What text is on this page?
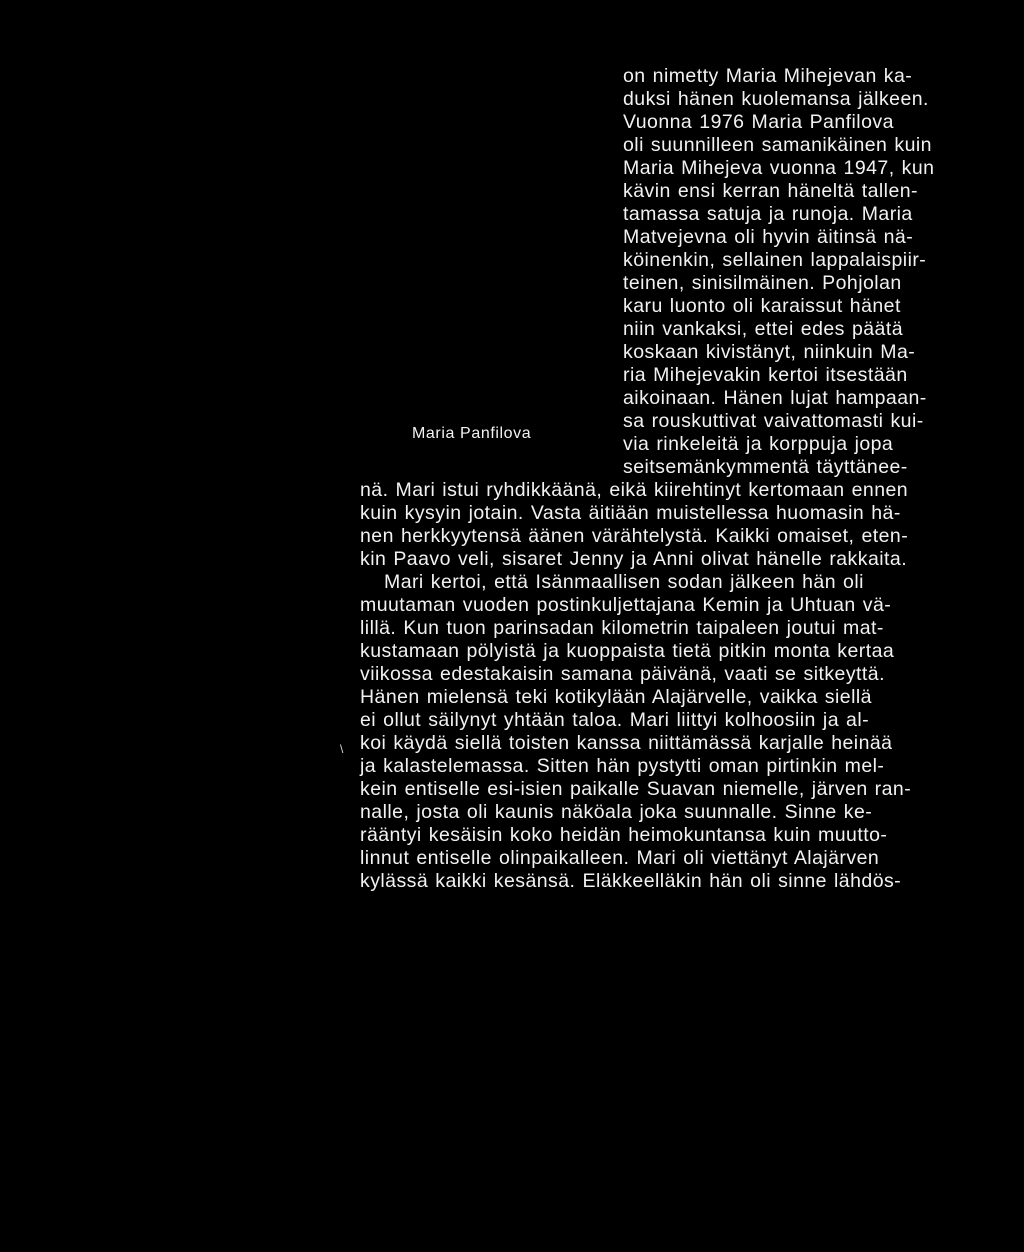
on nimetty Maria Mihejevan ka-
duksi hänen kuolemansa jälkeen.
Vuonna 1976 Maria Panfilova
oli suunnilleen samanikäinen kuin
Maria Mihejeva vuonna 1947, kun
kävin ensi kerran häneltä tallen-
tamassa satuja ja runoja. Maria
Matvejevna oli hyvin äitinsä nä-
köinenkin, sellainen lappalaispiir-
teinen, sinisilmäinen. Pohjolan
karu luonto oli karaissut hänet
niin vankaksi, ettei edes päätä
koskaan kivistänyt, niinkuin Ma-
ria Mihejevakin kertoi itsestään
aikoinaan. Hänen lujat hampaan-
sa rouskuttivat vaivattomasti kui-
via rinkeleitä ja korppuja jopa
seitsemänkymmentä täyttänee-
Maria Panfilova
nä. Mari istui ryhdikkäänä, eikä kiirehtinyt kertomaan ennen
kuin kysyin jotain. Vasta äitiään muistellessa huomasin hä-
nen herkkyytensä äänen värähtelystä. Kaikki omaiset, eten-
kin Paavo veli, sisaret Jenny ja Anni olivat hänelle rakkaita.
Mari kertoi, että Isänmaallisen sodan jälkeen hän oli
muutaman vuoden postinkuljettajana Kemin ja Uhtuan vä-
lillä. Kun tuon parinsadan kilometrin taipaleen joutui mat-
kustamaan pölyistä ja kuoppaista tietä pitkin monta kertaa
viikossa edestakaisin samana päivänä, vaati se sitkeyttä.
Hänen mielensä teki kotikylään Alajärvelle, vaikka siellä
ei ollut säilynyt yhtään taloa. Mari liittyi kolhoosiin ja al-
koi käydä siellä toisten kanssa niittämässä karjalle heinää
\
ja kalastelemassa. Sitten hän pystytti oman pirtinkin mel-
kein entiselle esi-isien paikalle Suavan niemelle, järven ran-
nalle, josta oli kaunis näköala joka suunnalle. Sinne ke-
rääntyi kesäisin koko heidän heimokuntansa kuin muutto-
linnut entiselle olinpaikalleen. Mari oli viettänyt Alajärven
kylässä kaikki kesänsä. Eläkkeelläkin hän oli sinne lähdös-
